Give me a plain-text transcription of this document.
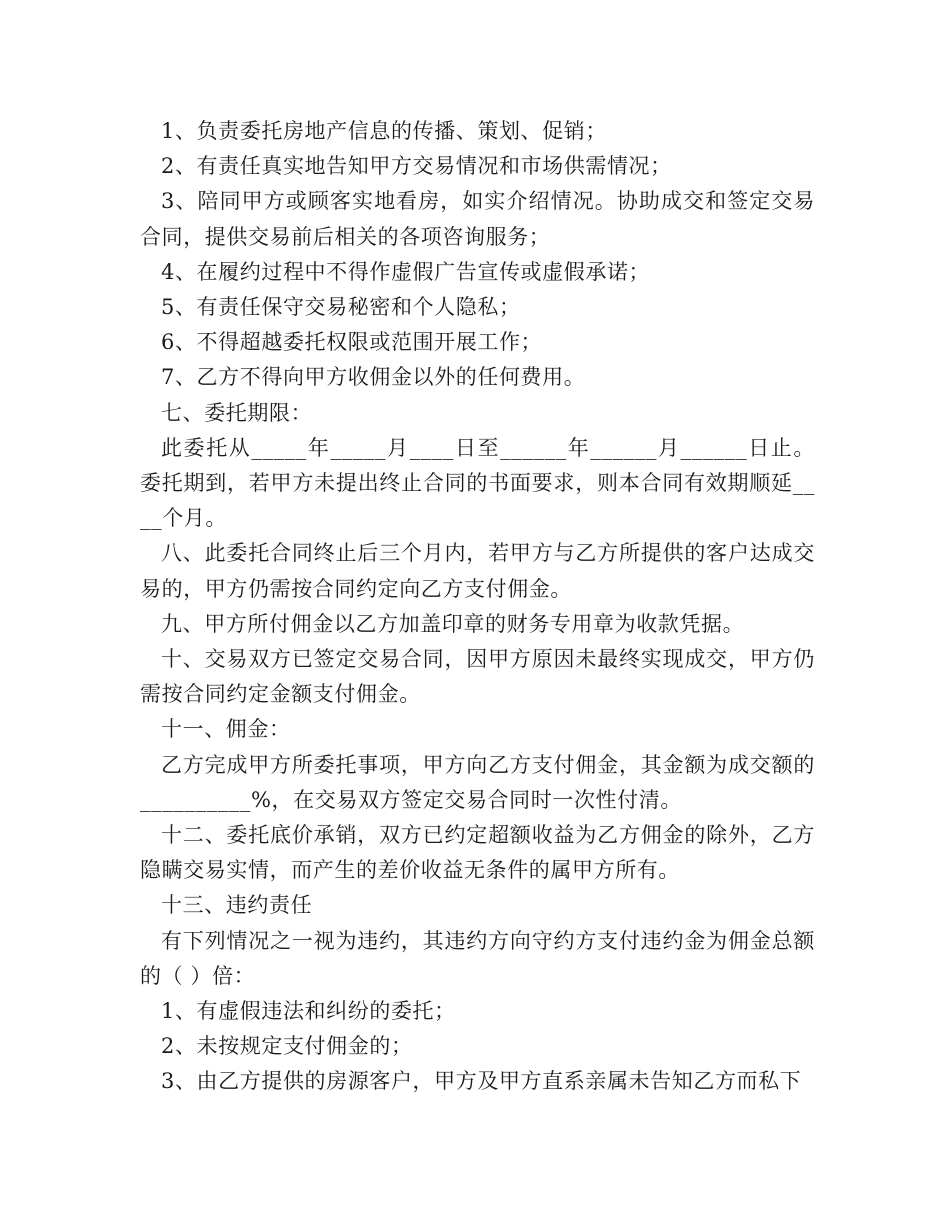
1、负责委托房地产信息的传播、策划、促销；

2、有责任真实地告知甲方交易情况和市场供需情况；

3、陪同甲方或顾客实地看房，如实介绍情况。协助成交和签定交易合同，提供交易前后相关的各项咨询服务；

4、在履约过程中不得作虚假广告宣传或虚假承诺；

5、有责任保守交易秘密和个人隐私；

6、不得超越委托权限或范围开展工作；

7、乙方不得向甲方收佣金以外的任何费用。

七、委托期限：

此委托从_____年_____月____日至______年______月______日止。委托期到，若甲方未提出终止合同的书面要求，则本合同有效期顺延____个月。

八、此委托合同终止后三个月内，若甲方与乙方所提供的客户达成交易的，甲方仍需按合同约定向乙方支付佣金。

九、甲方所付佣金以乙方加盖印章的财务专用章为收款凭据。

十、交易双方已签定交易合同，因甲方原因未最终实现成交，甲方仍需按合同约定金额支付佣金。

十一、佣金：

乙方完成甲方所委托事项，甲方向乙方支付佣金，其金额为成交额的__________%，在交易双方签定交易合同时一次性付清。

十二、委托底价承销，双方已约定超额收益为乙方佣金的除外，乙方隐瞒交易实情，而产生的差价收益无条件的属甲方所有。

十三、违约责任

有下列情况之一视为违约，其违约方向守约方支付违约金为佣金总额的（ ）倍：

1、有虚假违法和纠纷的委托；

2、未按规定支付佣金的；

3、由乙方提供的房源客户，甲方及甲方直系亲属未告知乙方而私下
